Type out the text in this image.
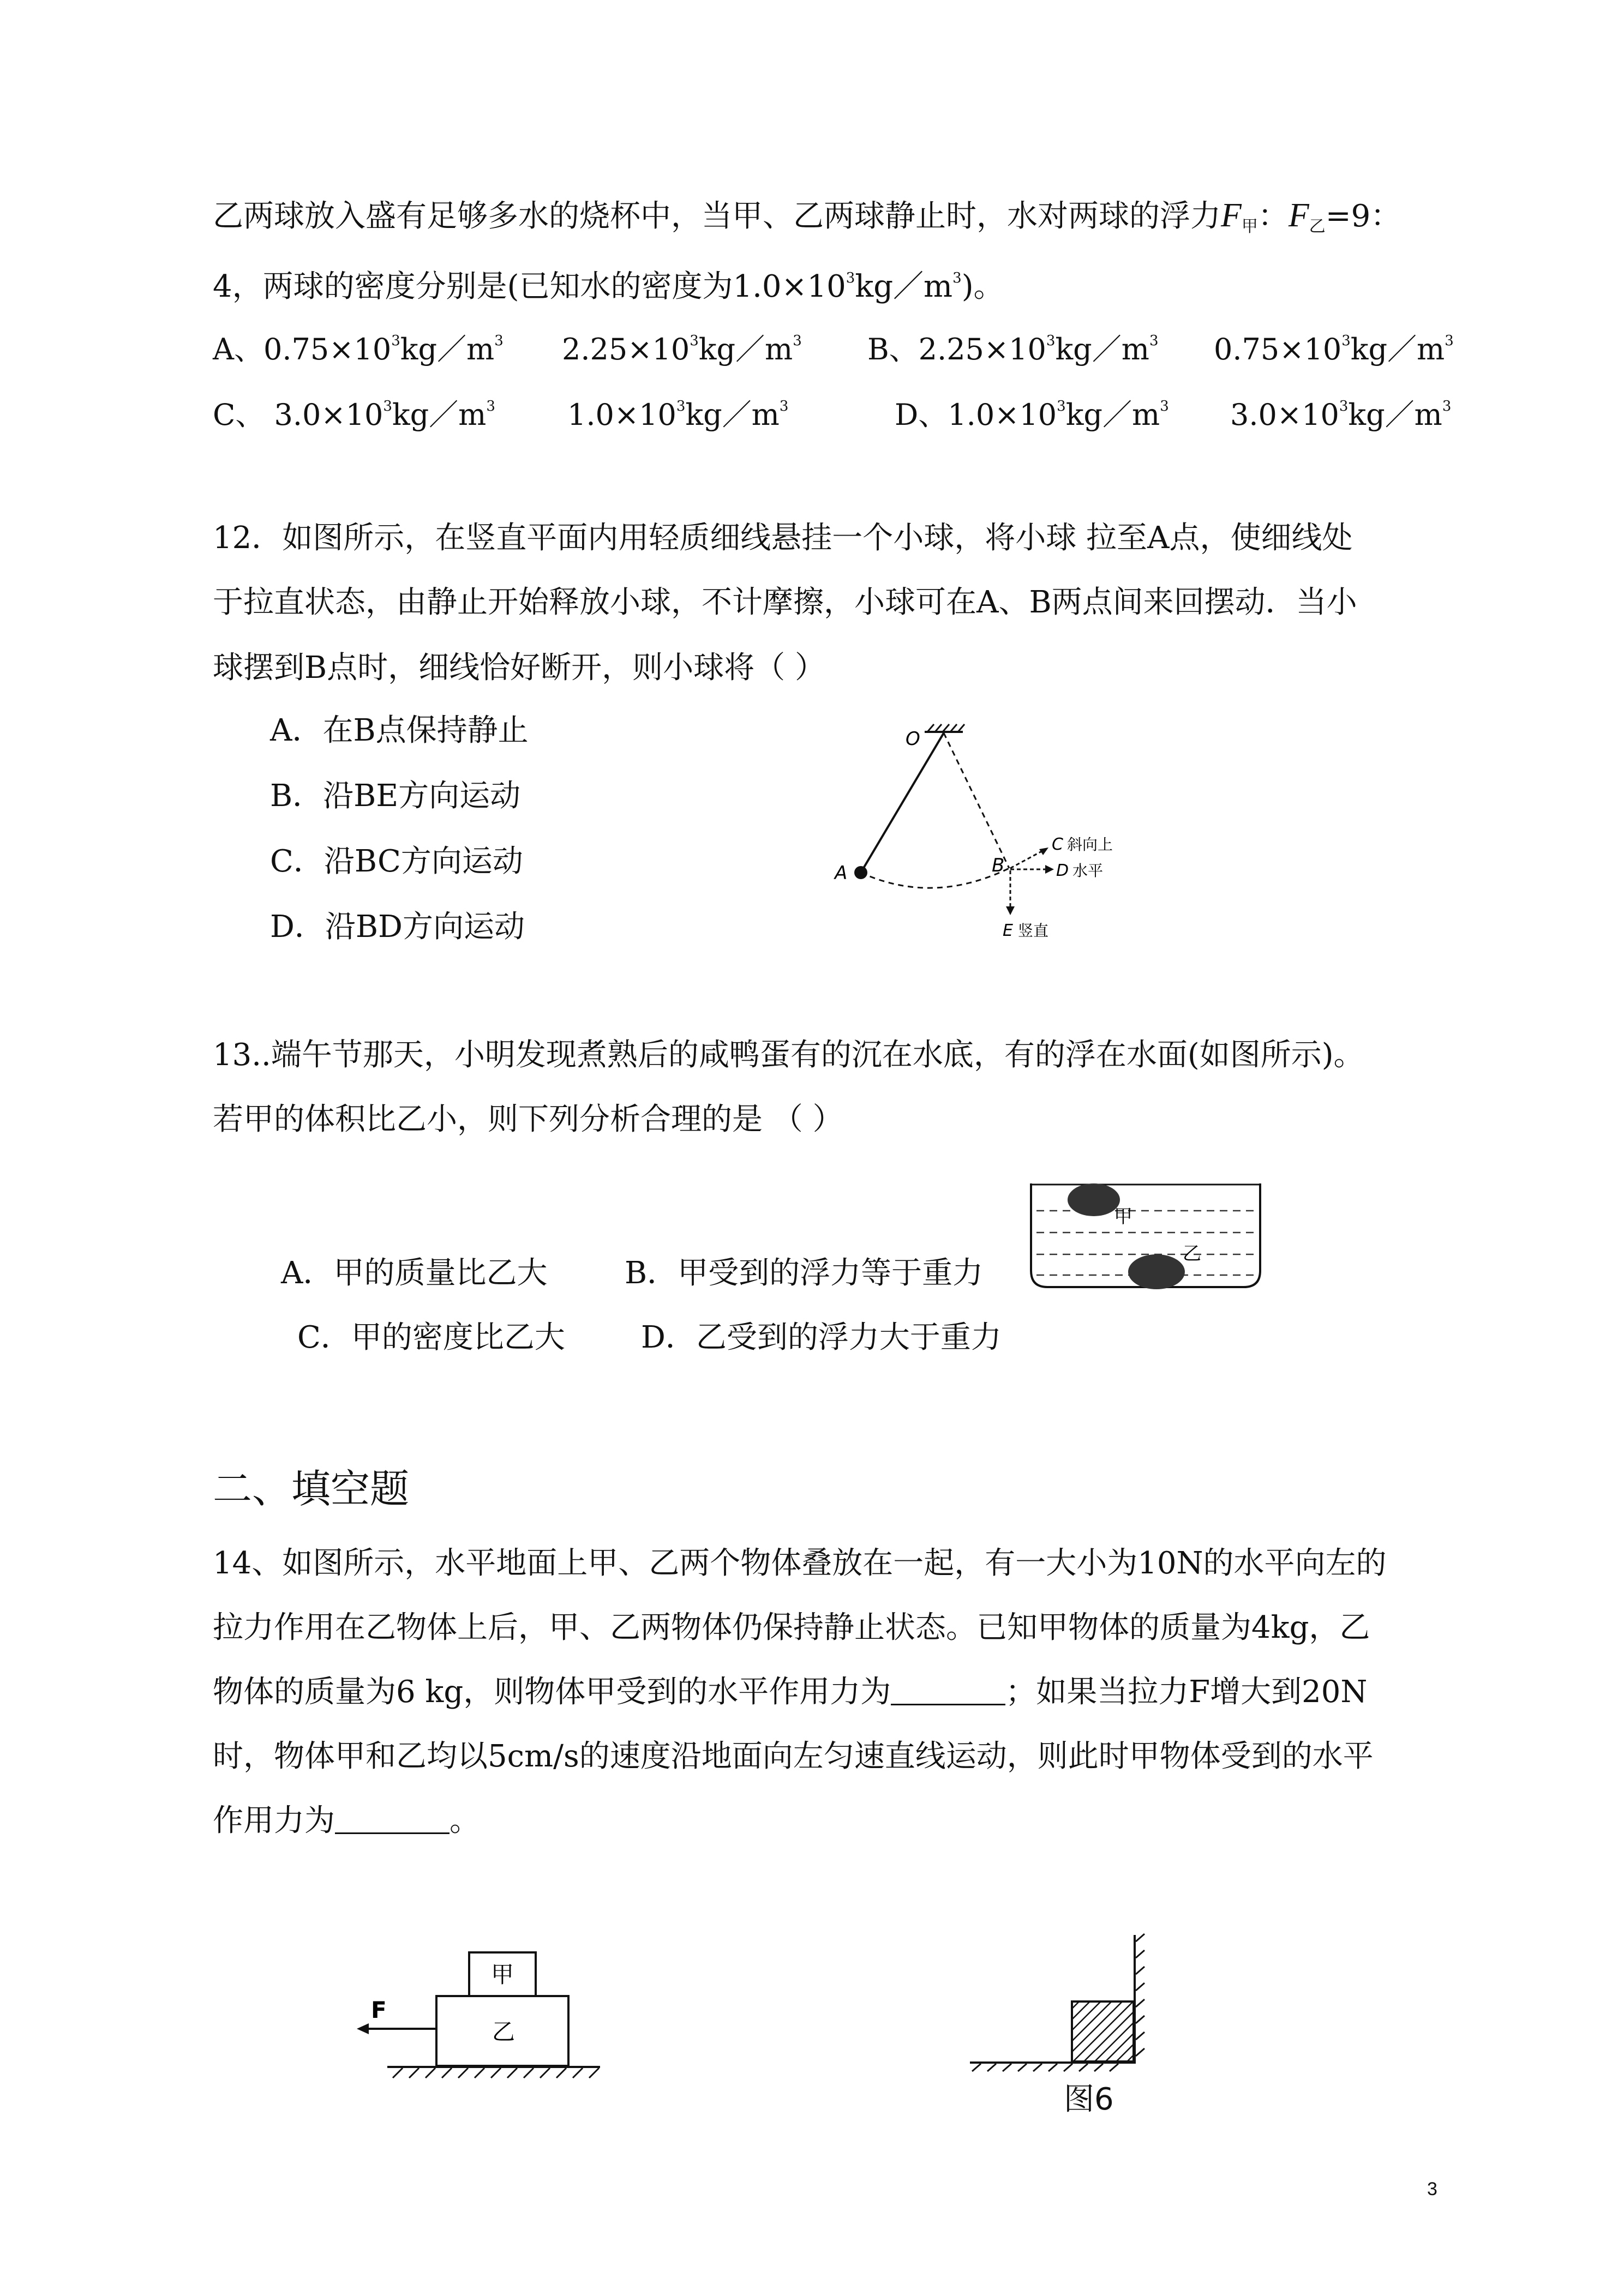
乙两球放入盛有足够多水的烧杯中，当甲、乙两球静止时，水对两球的浮力$F_甲$：$F_乙=9$：
4，两球的密度分别是(已知水的密度为$1.0\times 10^3kg/m^3$)。
A、$0.75\times 10^3kg/m^3$ $2.25\times 10^3kg/m^3$ B、$2.25\times 10^3kg/m^3$ $0.75\times 10^3kg/m^3$
C、 $3.0\times 10^3kg/m^3$ $1.0\times 10^3kg/m^3$	D、$1.0\times 10^3kg/m^3$ $3.0\times 10^3kg/m^3$
12．如图所示，在竖直平面内用轻质细线悬挂一个小球，将小球 拉至A点，使细线处
于拉直状态，由静止开始释放小球，不计摩擦，小球可在A、B两点间来回摆动．当小
球摆到B点时，细线恰好断开，则小球将（ ）
A．在B点保持静止
B．沿BE方向运动
C．沿BC方向运动
D．沿BD方向运动
O
A	B
C 斜向上
D 水平
E 竖直
13..端午节那天，小明发现煮熟后的咸鸭蛋有的沉在水底，有的浮在水面(如图所示)。
若甲的体积比乙小，则下列分析合理的是 （ ）
甲
乙
A．甲的质量比乙大	B．甲受到的浮力等于重力
C．甲的密度比乙大 D．乙受到的浮力大于重力
二、填空题
14、如图所示，水平地面上甲、乙两个物体叠放在一起，有一大小为10N的水平向左的
拉力作用在乙物体上后，甲、乙两物体仍保持静止状态。已知甲物体的质量为4kg，乙
物体的质量为6 kg，则物体甲受到的水平作用力为	；如果当拉力F增大到20N
时，物体甲和乙均以5cm/s的速度沿地面向左匀速直线运动，则此时甲物体受到的水平
作用力为	。
F
甲
乙
图6
3
